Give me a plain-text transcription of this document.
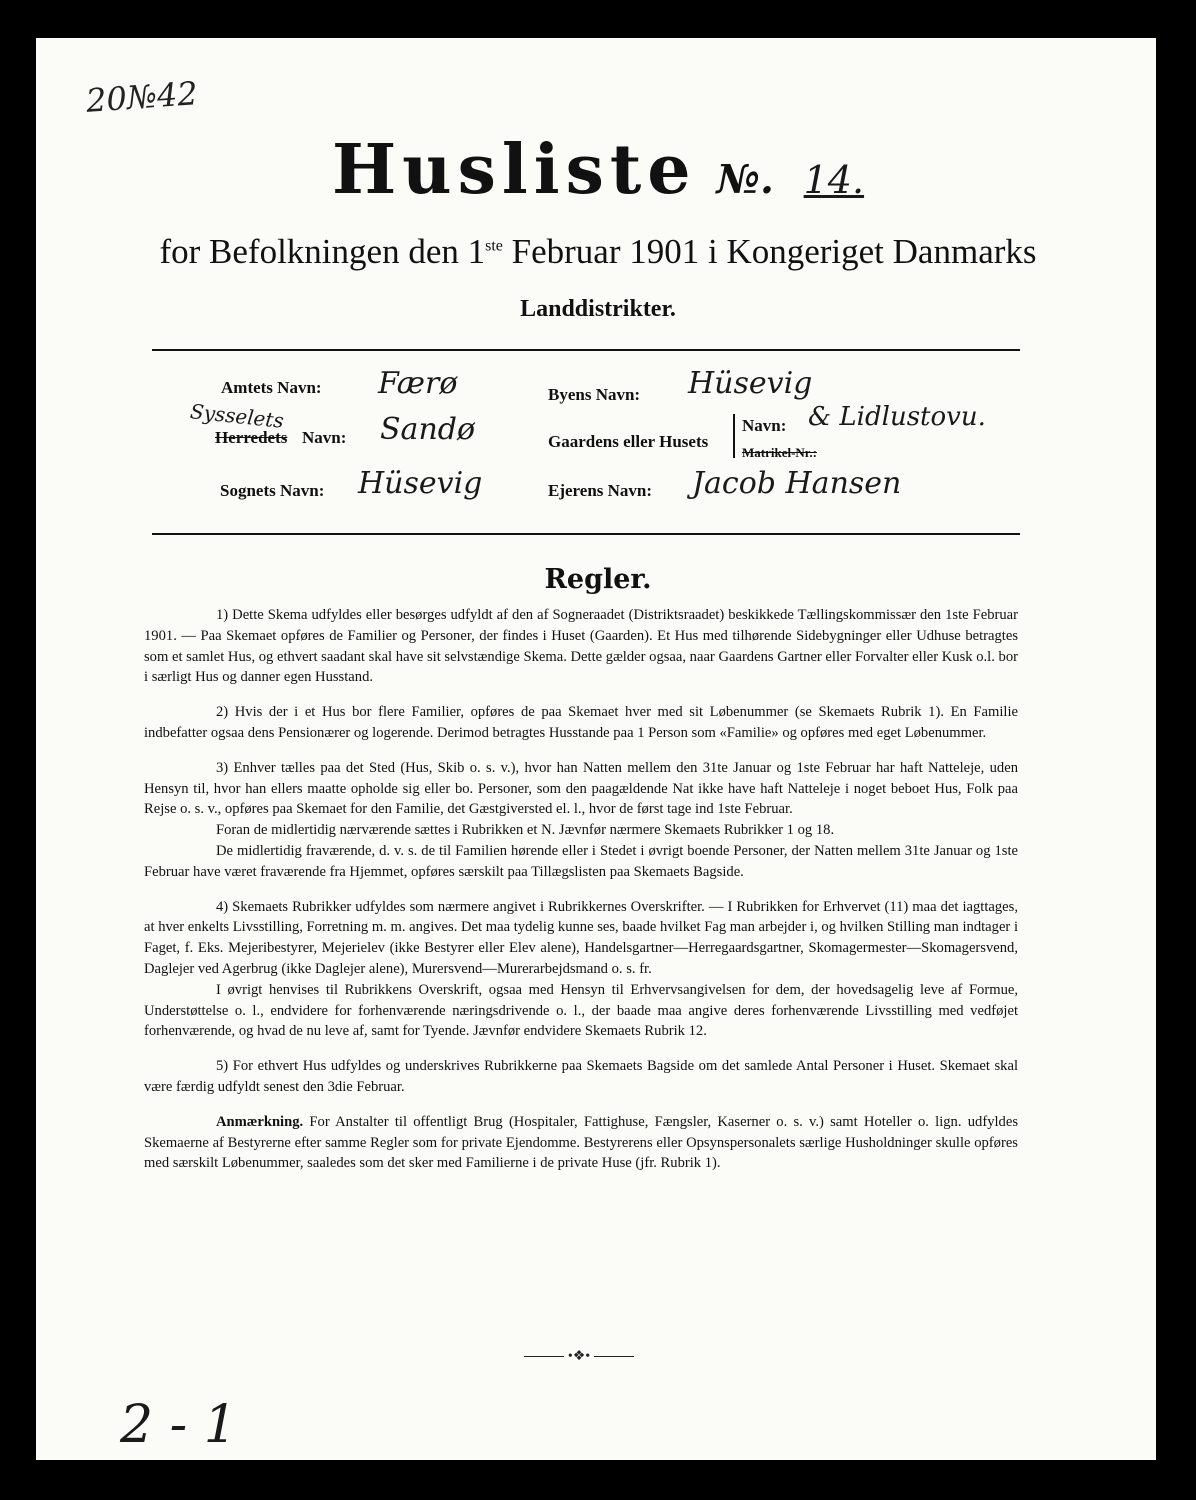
20№42
Husliste №. 14.
for Befolkningen den 1ste Februar 1901 i Kongeriget Danmarks
Landdistrikter.
Amtets Navn: Færø
Sysselets
Herredets Navn: Sandø
Sognets Navn: Hüsevig
Byens Navn: Hüsevig
Gaardens eller Husets
Navn: & Lidlustovu.
Matrikel-Nr.:
Ejerens Navn: Jacob Hansen
Regler.

1) Dette Skema udfyldes eller besørges udfyldt af den af Sogneraadet (Distriktsraadet) beskikkede Tællingskommissær den 1ste Februar 1901. — Paa Skemaet opføres de Familier og Personer, der findes i Huset (Gaarden). Et Hus med tilhørende Sidebygninger eller Udhuse betragtes som et samlet Hus, og ethvert saadant skal have sit selvstændige Skema. Dette gælder ogsaa, naar Gaardens Gartner eller Forvalter eller Kusk o.l. bor i særligt Hus og danner egen Husstand.

2) Hvis der i et Hus bor flere Familier, opføres de paa Skemaet hver med sit Løbenummer (se Skemaets Rubrik 1). En Familie indbefatter ogsaa dens Pensionærer og logerende. Derimod betragtes Husstande paa 1 Person som «Familie» og opføres med eget Løbenummer.

3) Enhver tælles paa det Sted (Hus, Skib o. s. v.), hvor han Natten mellem den 31te Januar og 1ste Februar har haft Natteleje, uden Hensyn til, hvor han ellers maatte opholde sig eller bo. Personer, som den paagældende Nat ikke have haft Natteleje i noget beboet Hus, Folk paa Rejse o. s. v., opføres paa Skemaet for den Familie, det Gæstgiversted el. l., hvor de først tage ind 1ste Februar.

Foran de midlertidig nærværende sættes i Rubrikken et N. Jævnfør nærmere Skemaets Rubrikker 1 og 18.

De midlertidig fraværende, d. v. s. de til Familien hørende eller i Stedet i øvrigt boende Personer, der Natten mellem 31te Januar og 1ste Februar have været fraværende fra Hjemmet, opføres særskilt paa Tillægslisten paa Skemaets Bagside.

4) Skemaets Rubrikker udfyldes som nærmere angivet i Rubrikkernes Overskrifter. — I Rubrikken for Erhvervet (11) maa det iagttages, at hver enkelts Livsstilling, Forretning m. m. angives. Det maa tydelig kunne ses, baade hvilket Fag man arbejder i, og hvilken Stilling man indtager i Faget, f. Eks. Mejeribestyrer, Mejerielev (ikke Bestyrer eller Elev alene), Handelsgartner—Herregaardsgartner, Skomagermester—Skomagersvend, Daglejer ved Agerbrug (ikke Daglejer alene), Murersvend—Murerarbejdsmand o. s. fr.

I øvrigt henvises til Rubrikkens Overskrift, ogsaa med Hensyn til Erhvervsangivelsen for dem, der hovedsagelig leve af Formue, Understøttelse o. l., endvidere for forhenværende næringsdrivende o. l., der baade maa angive deres forhenværende Livsstilling med vedføjet forhenværende, og hvad de nu leve af, samt for Tyende. Jævnfør endvidere Skemaets Rubrik 12.

5) For ethvert Hus udfyldes og underskrives Rubrikkerne paa Skemaets Bagside om det samlede Antal Personer i Huset. Skemaet skal være færdig udfyldt senest den 3die Februar.

Anmærkning. For Anstalter til offentligt Brug (Hospitaler, Fattighuse, Fængsler, Kaserner o. s. v.) samt Hoteller o. lign. udfyldes Skemaerne af Bestyrerne efter samme Regler som for private Ejendomme. Bestyrerens eller Opsynspersonalets særlige Husholdninger skulle opføres med særskilt Løbenummer, saaledes som det sker med Familierne i de private Huse (jfr. Rubrik 1).

•❖•
2 - 1
